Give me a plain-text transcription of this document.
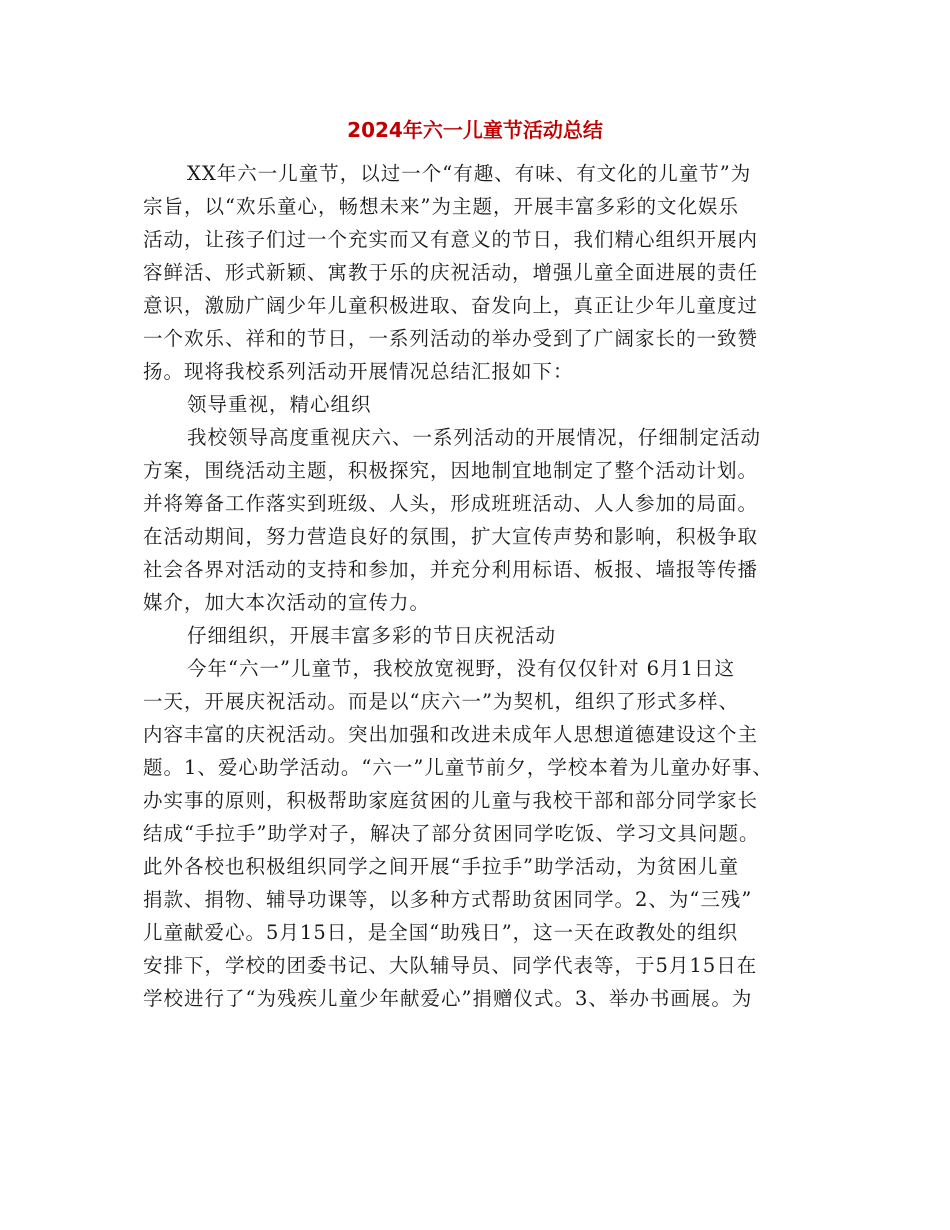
2024年六一儿童节活动总结
XX年六一儿童节，以过一个“有趣、有味、有文化的儿童节”为
宗旨，以“欢乐童心，畅想未来”为主题，开展丰富多彩的文化娱乐
活动，让孩子们过一个充实而又有意义的节日，我们精心组织开展内
容鲜活、形式新颖、寓教于乐的庆祝活动，增强儿童全面进展的责任
意识，激励广阔少年儿童积极进取、奋发向上，真正让少年儿童度过
一个欢乐、祥和的节日，一系列活动的举办受到了广阔家长的一致赞
扬。现将我校系列活动开展情况总结汇报如下：
领导重视，精心组织
我校领导高度重视庆六、一系列活动的开展情况，仔细制定活动
方案，围绕活动主题，积极探究，因地制宜地制定了整个活动计划。
并将筹备工作落实到班级、人头，形成班班活动、人人参加的局面。
在活动期间，努力营造良好的氛围，扩大宣传声势和影响，积极争取
社会各界对活动的支持和参加，并充分利用标语、板报、墙报等传播
媒介，加大本次活动的宣传力。
仔细组织，开展丰富多彩的节日庆祝活动
今年“六一”儿童节，我校放宽视野，没有仅仅针对 6月1日这
一天，开展庆祝活动。而是以“庆六一”为契机，组织了形式多样、
内容丰富的庆祝活动。突出加强和改进未成年人思想道德建设这个主
题。1、爱心助学活动。“六一”儿童节前夕，学校本着为儿童办好事、
办实事的原则，积极帮助家庭贫困的儿童与我校干部和部分同学家长
结成“手拉手”助学对子，解决了部分贫困同学吃饭、学习文具问题。
此外各校也积极组织同学之间开展“手拉手”助学活动，为贫困儿童
捐款、捐物、辅导功课等，以多种方式帮助贫困同学。2、为“三残”
儿童献爱心。5月15日，是全国“助残日”，这一天在政教处的组织
安排下，学校的团委书记、大队辅导员、同学代表等，于5月15日在
学校进行了“为残疾儿童少年献爱心”捐赠仪式。3、举办书画展。为
